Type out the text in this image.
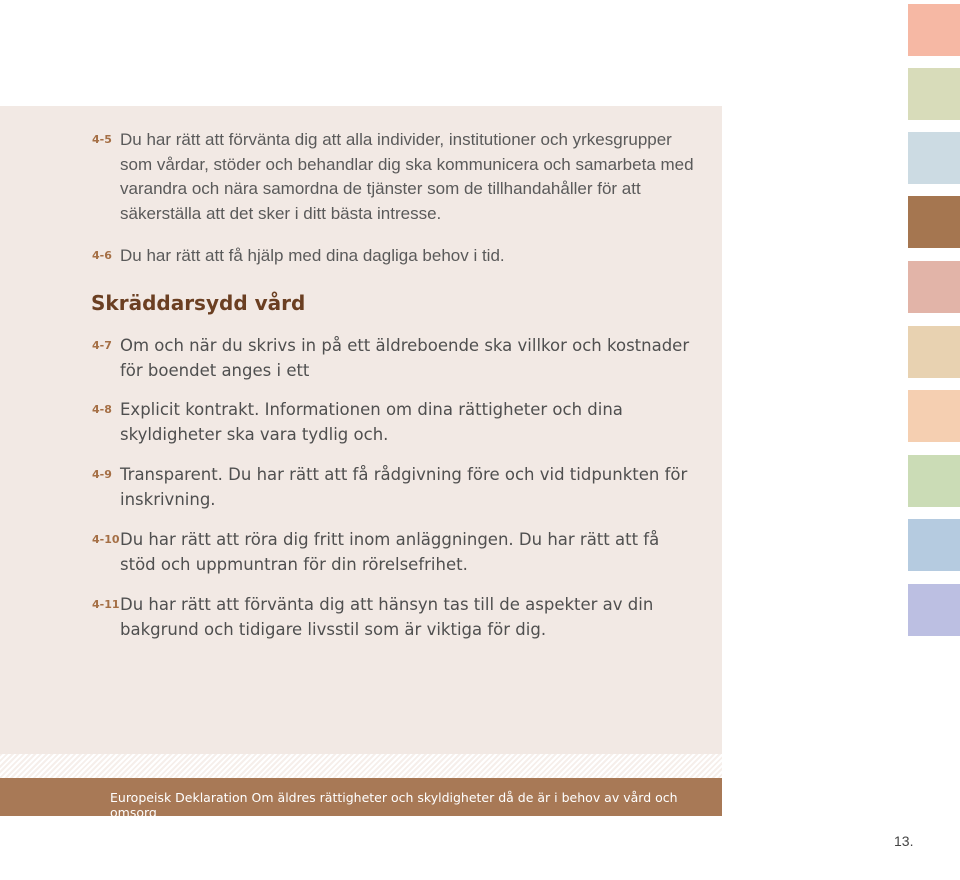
4-5 Du har rätt att förvänta dig att alla individer, institutioner och yrkesgrupper som vårdar, stöder och behandlar dig ska kommunicera och samarbeta med varandra och nära samordna de tjänster som de tillhandahåller för att säkerställa att det sker i ditt bästa intresse.
4-6 Du har rätt att få hjälp med dina dagliga behov i tid.
Skräddarsydd vård
4-7 Om och när du skrivs in på ett äldreboende ska villkor och kostnader för boendet anges i ett
4-8 Explicit kontrakt. Informationen om dina rättigheter och dina skyldigheter ska vara tydlig och.
4-9 Transparent. Du har rätt att få rådgivning före och vid tidpunkten för inskrivning.
4-10 Du har rätt att röra dig fritt inom anläggningen. Du har rätt att få stöd och uppmuntran för din rörelsefrihet.
4-11 Du har rätt att förvänta dig att hänsyn tas till de aspekter av din bakgrund och tidigare livsstil som är viktiga för dig.
Europeisk Deklaration Om äldres rättigheter och skyldigheter då de är i behov av vård och omsorg
13.
